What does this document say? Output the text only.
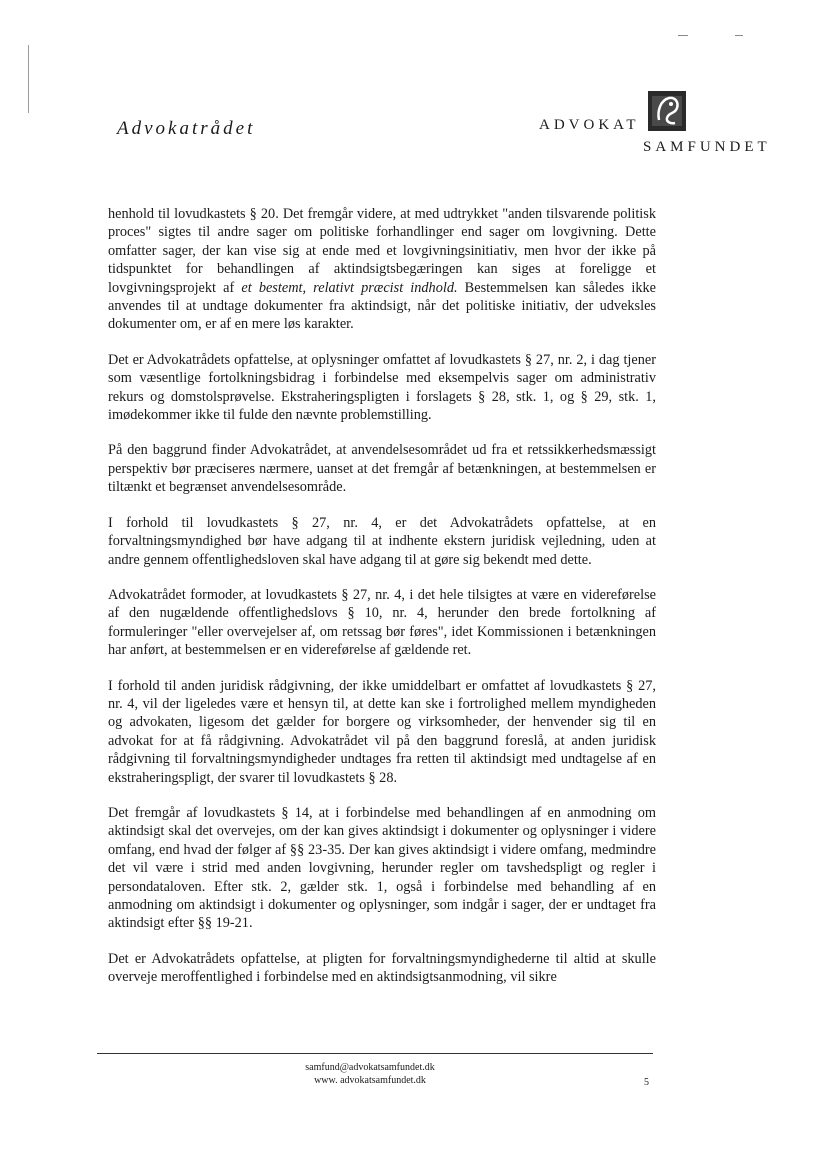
Advokatrådet	ADVOKAT
SAMFUNDET

henhold til lovudkastets § 20. Det fremgår videre, at med udtrykket "anden tilsvarende politisk proces" sigtes til andre sager om politiske forhandlinger end sager om lovgivning. Dette omfatter sager, der kan vise sig at ende med et lovgivningsinitiativ, men hvor der ikke på tidspunktet for behandlingen af aktindsigtsbegæringen kan siges at foreligge et lovgivningsprojekt af et bestemt, relativt præcist indhold. Bestemmelsen kan således ikke anvendes til at undtage dokumenter fra aktindsigt, når det politiske initiativ, der udveksles dokumenter om, er af en mere løs karakter.

Det er Advokatrådets opfattelse, at oplysninger omfattet af lovudkastets § 27, nr. 2, i dag tjener som væsentlige fortolkningsbidrag i forbindelse med eksempelvis sager om administrativ rekurs og domstolsprøvelse. Ekstraheringspligten i forslagets § 28, stk. 1, og § 29, stk. 1, imødekommer ikke til fulde den nævnte problemstilling.

På den baggrund finder Advokatrådet, at anvendelsesområdet ud fra et retssikkerhedsmæssigt perspektiv bør præciseres nærmere, uanset at det fremgår af betænkningen, at bestemmelsen er tiltænkt et begrænset anvendelsesområde.

I forhold til lovudkastets § 27, nr. 4, er det Advokatrådets opfattelse, at en forvaltningsmyndighed bør have adgang til at indhente ekstern juridisk vejledning, uden at andre gennem offentlighedsloven skal have adgang til at gøre sig bekendt med dette.

Advokatrådet formoder, at lovudkastets § 27, nr. 4, i det hele tilsigtes at være en videreførelse af den nugældende offentlighedslovs § 10, nr. 4, herunder den brede fortolkning af formuleringer "eller overvejelser af, om retssag bør føres", idet Kommissionen i betænkningen har anført, at bestemmelsen er en videreførelse af gældende ret.

I forhold til anden juridisk rådgivning, der ikke umiddelbart er omfattet af lovudkastets § 27, nr. 4, vil der ligeledes være et hensyn til, at dette kan ske i fortrolighed mellem myndigheden og advokaten, ligesom det gælder for borgere og virksomheder, der henvender sig til en advokat for at få rådgivning. Advokatrådet vil på den baggrund foreslå, at anden juridisk rådgivning til forvaltningsmyndigheder undtages fra retten til aktindsigt med undtagelse af en ekstraheringspligt, der svarer til lovudkastets § 28.

Det fremgår af lovudkastets § 14, at i forbindelse med behandlingen af en anmodning om aktindsigt skal det overvejes, om der kan gives aktindsigt i dokumenter og oplysninger i videre omfang, end hvad der følger af §§ 23-35. Der kan gives aktindsigt i videre omfang, medmindre det vil være i strid med anden lovgivning, herunder regler om tavshedspligt og regler i persondataloven. Efter stk. 2, gælder stk. 1, også i forbindelse med behandling af en anmodning om aktindsigt i dokumenter og oplysninger, som indgår i sager, der er undtaget fra aktindsigt efter §§ 19-21.

Det er Advokatrådets opfattelse, at pligten for forvaltningsmyndighederne til altid at skulle overveje meroffentlighed i forbindelse med en aktindsigtsanmodning, vil sikre

samfund@advokatsamfundet.dk
www. advokatsamfundet.dk	5
